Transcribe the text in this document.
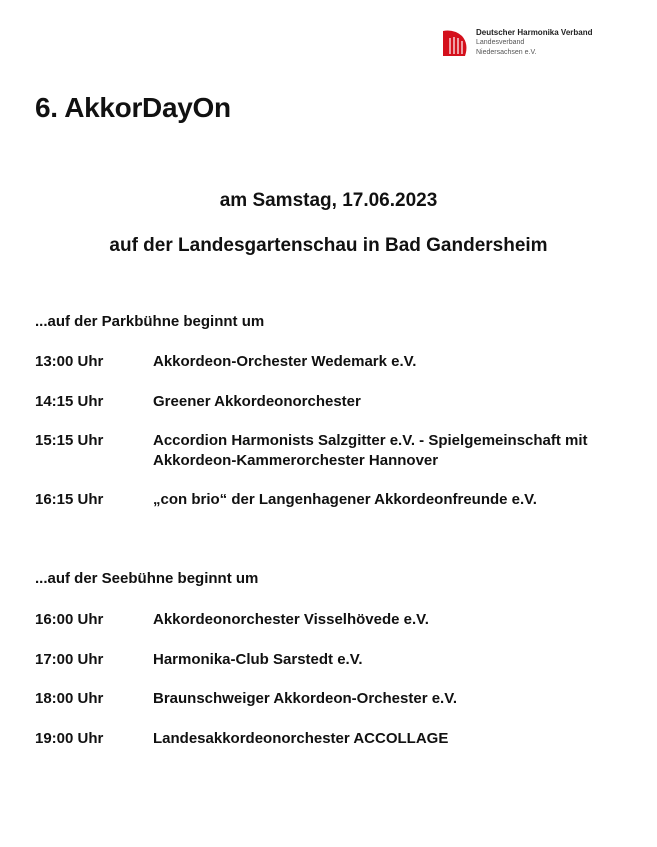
Deutscher Harmonika Verband
Landesverband
Niedersachsen e.V.
6. AkkorDayOn
am Samstag, 17.06.2023
auf der Landesgartenschau in Bad Gandersheim
...auf der Parkbühne beginnt um
13:00 Uhr	Akkordeon-Orchester Wedemark e.V.
14:15 Uhr	Greener Akkordeonorchester
15:15 Uhr	Accordion Harmonists Salzgitter e.V. - Spielgemeinschaft mit Akkordeon-Kammerorchester Hannover
16:15 Uhr	„con brio“ der Langenhagener Akkordeonfreunde e.V.
...auf der Seebühne beginnt um
16:00 Uhr	Akkordeonorchester Visselhövede e.V.
17:00 Uhr	Harmonika-Club Sarstedt e.V.
18:00 Uhr	Braunschweiger Akkordeon-Orchester e.V.
19:00 Uhr	Landesakkordeonorchester ACCOLLAGE
